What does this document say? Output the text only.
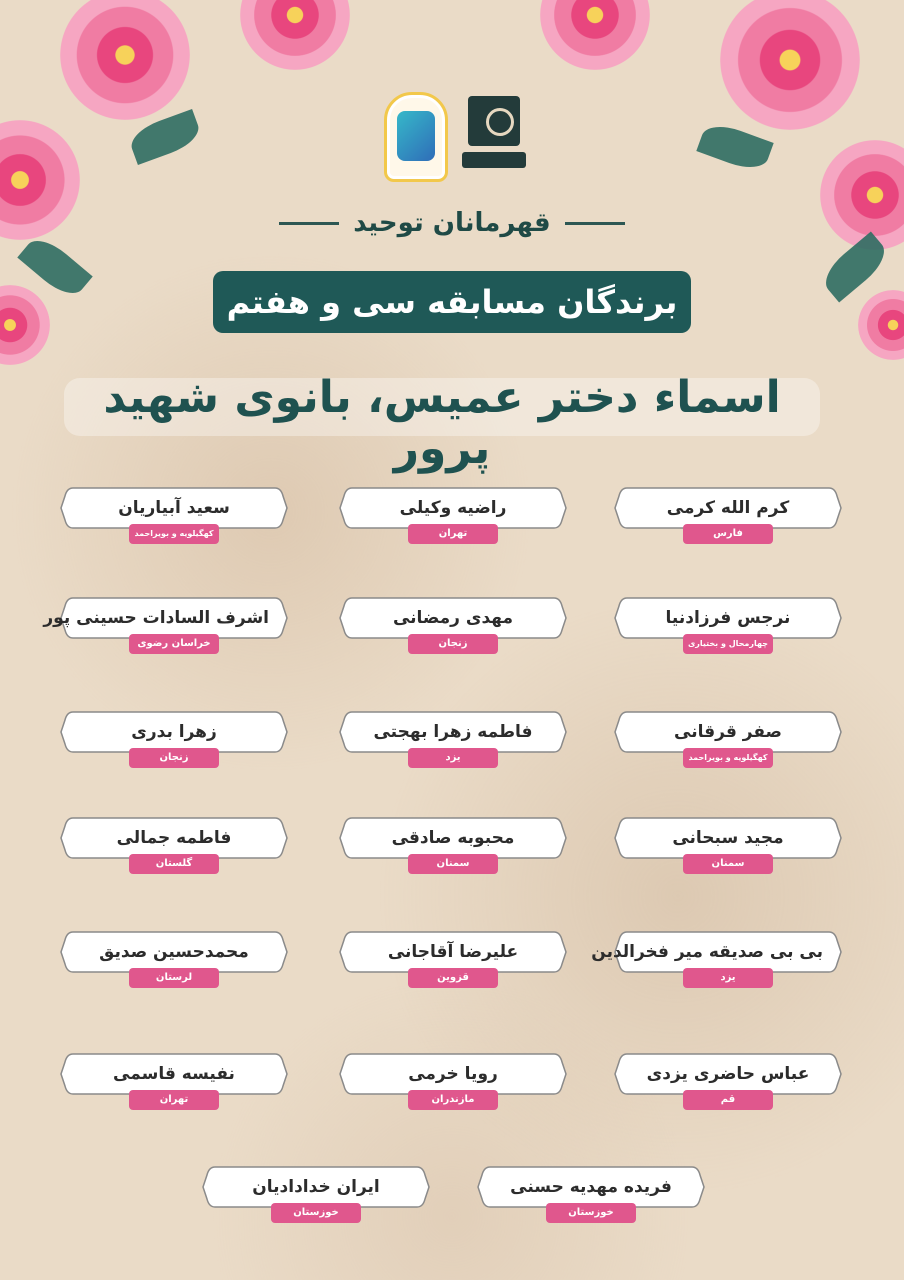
قهرمانان توحید
برندگان مسابقه سی و هفتم
اسماء دختر عمیس، بانوی شهید پرور
کرم الله کرمی
فارس
راضیه وکیلی
تهران
سعید آبیاریان
کهگیلویه و بویراحمد
نرجس فرزادنیا
چهارمحال و بختیاری
مهدی رمضانی
زنجان
اشرف السادات حسینی پور
خراسان رضوی
صفر قرقانی
کهگیلویه و بویراحمد
فاطمه زهرا بهجتی
یزد
زهرا بدری
زنجان
مجید سبحانی
سمنان
محبوبه صادقی
سمنان
فاطمه جمالی
گلستان
بی بی صدیقه میر فخرالدین
یزد
علیرضا آقاجانی
قزوین
محمدحسین صدیق
لرستان
عباس حاضری یزدی
قم
رویا خرمی
مازندران
نفیسه قاسمی
تهران
فریده مهدیه حسنی
خوزستان
ایران خدادادیان
خوزستان
